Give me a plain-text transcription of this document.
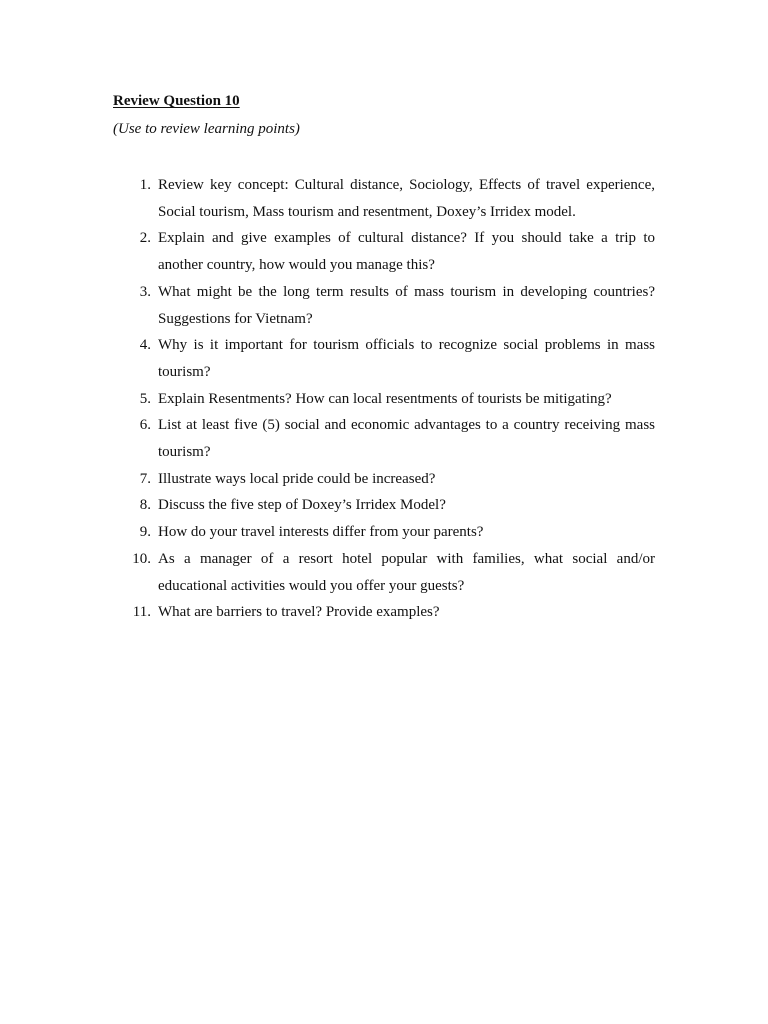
Review Question 10

(Use to review learning points)

1. Review key concept: Cultural distance, Sociology, Effects of travel experience, Social tourism, Mass tourism and resentment, Doxey’s Irridex model.
2. Explain and give examples of cultural distance? If you should take a trip to another country, how would you manage this?
3. What might be the long term results of mass tourism in developing countries? Suggestions for Vietnam?
4. Why is it important for tourism officials to recognize social problems in mass tourism?
5. Explain Resentments? How can local resentments of tourists be mitigating?
6. List at least five (5) social and economic advantages to a country receiving mass tourism?
7. Illustrate ways local pride could be increased?
8. Discuss the five step of Doxey’s Irridex Model?
9. How do your travel interests differ from your parents?
10. As a manager of a resort hotel popular with families, what social and/or educational activities would you offer your guests?
11. What are barriers to travel? Provide examples?
